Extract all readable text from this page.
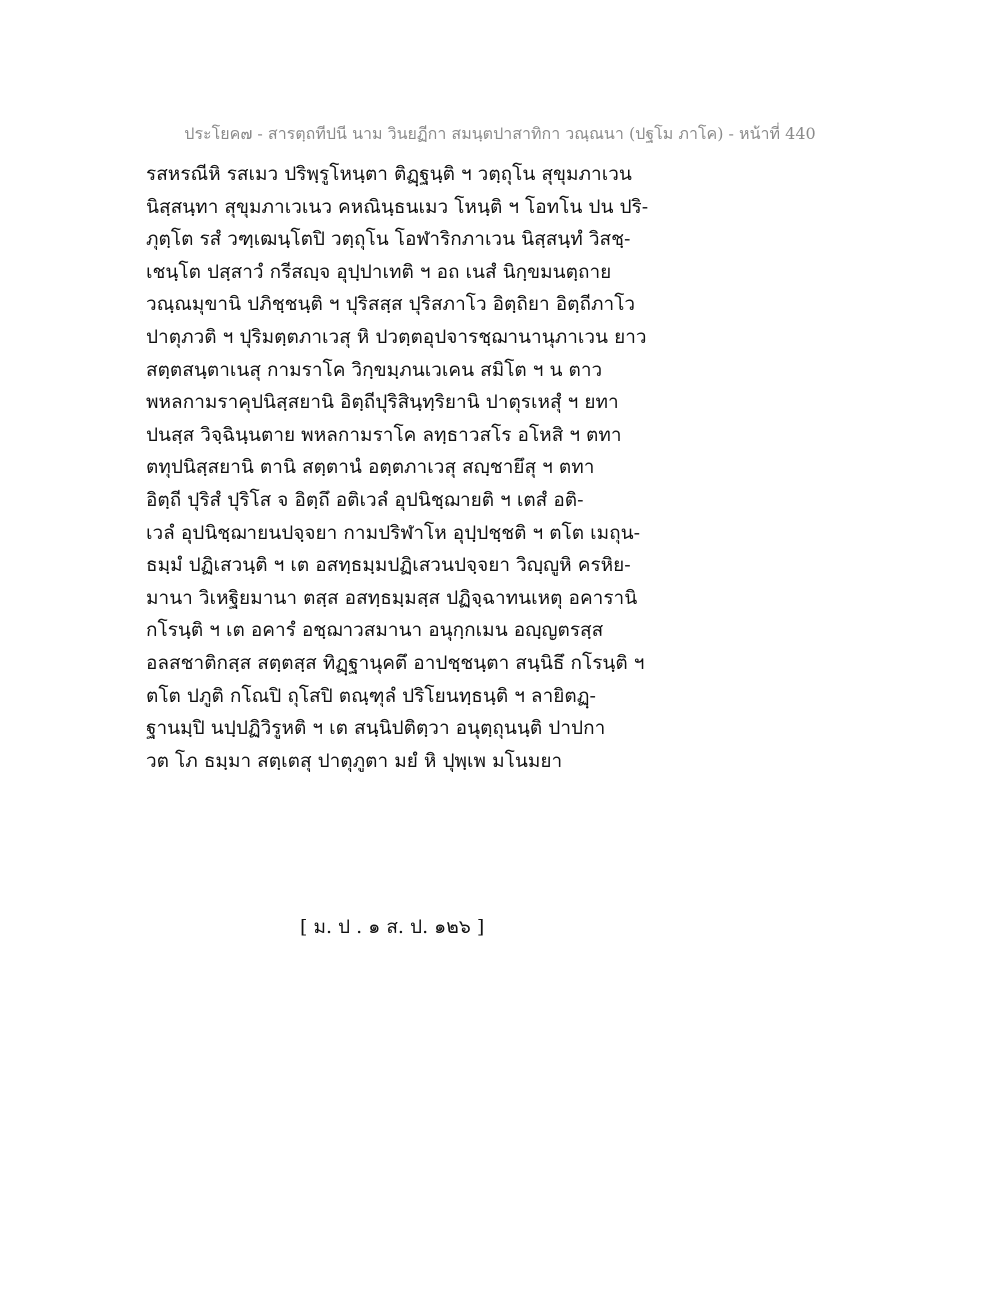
ประโยค๗ - สารตฺถทีปนี นาม วินยฏีกา สมนฺตปาสาทิกา วณฺณนา (ปฐโม ภาโค) - หน้าที่ 440
รสหรณีหิ รสเมว ปริพฺรูโหนฺตา ติฏฺฐนฺติ ฯ วตฺถุโน สุขุมภาเวน
นิสฺสนฺทา สุขุมภาเวเนว คหณินฺธนเมว โหนฺติ ฯ โอทโน ปน ปริ-
ภุตฺโต รสํ วฑฺเฒนฺโตปิ วตฺถุโน โอฬาริกภาเวน นิสฺสนฺทํ วิสชฺ-
เชนฺโต ปสฺสาวํ กรีสญฺจ อุปฺปาเทติ ฯ อถ เนสํ นิกฺขมนตฺถาย
วณฺณมุขานิ ปภิชฺชนฺติ ฯ ปุริสสฺส ปุริสภาโว อิตฺถิยา อิตฺถีภาโว
ปาตุภวติ ฯ ปุริมตฺตภาเวสุ หิ ปวตฺตอุปจารชฺฌานานุภาเวน ยาว
สตฺตสนฺตาเนสุ กามราโค วิกฺขมฺภนเวเคน สมิโต ฯ น ตาว
พหลกามราคุปนิสฺสยานิ อิตฺถีปุริสินฺทฺริยานิ ปาตุรเหสุํ ฯ ยทา
ปนสฺส วิจฺฉินฺนตาย พหลกามราโค ลทฺธาวสโร อโหสิ ฯ ตทา
ตทุปนิสฺสยานิ ตานิ สตฺตานํ อตฺตภาเวสุ สญฺชายึสุ ฯ ตทา
อิตฺถี ปุริสํ ปุริโส จ อิตฺถึ อติเวลํ อุปนิชฺฌายติ ฯ เตสํ อติ-
เวลํ อุปนิชฺฌายนปจฺจยา กามปริฬาโห อุปฺปชฺชติ ฯ ตโต เมถุน-
ธมฺมํ ปฏิเสวนฺติ ฯ เต อสทฺธมฺมปฏิเสวนปจฺจยา วิญฺญูหิ ครหิย-
มานา วิเหฐิยมานา ตสฺส อสทฺธมฺมสฺส ปฏิจฺฉาทนเหตุ อคารานิ
กโรนฺติ ฯ เต อคารํ อชฺฌาวสมานา อนุกฺกเมน อญฺญตรสฺส
อลสชาติกสฺส สตฺตสฺส ทิฏฺฐานุคตึ อาปชฺชนฺตา สนฺนิธึ กโรนฺติ ฯ
ตโต ปภูติ กโณปิ ถุโสปิ ตณฺฑุลํ ปริโยนทฺธนฺติ ฯ ลายิตฏฺ-
ฐานมฺปิ นปฺปฏิวิรูหติ ฯ เต สนฺนิปติตฺวา อนุตฺถุนนฺติ ปาปกา
วต โภ ธมฺมา สตฺเตสุ ปาตุภูตา มยํ หิ ปุพฺเพ มโนมยา
[ ม. ป . ๑ ส. ป. ๑๒๖ ]
